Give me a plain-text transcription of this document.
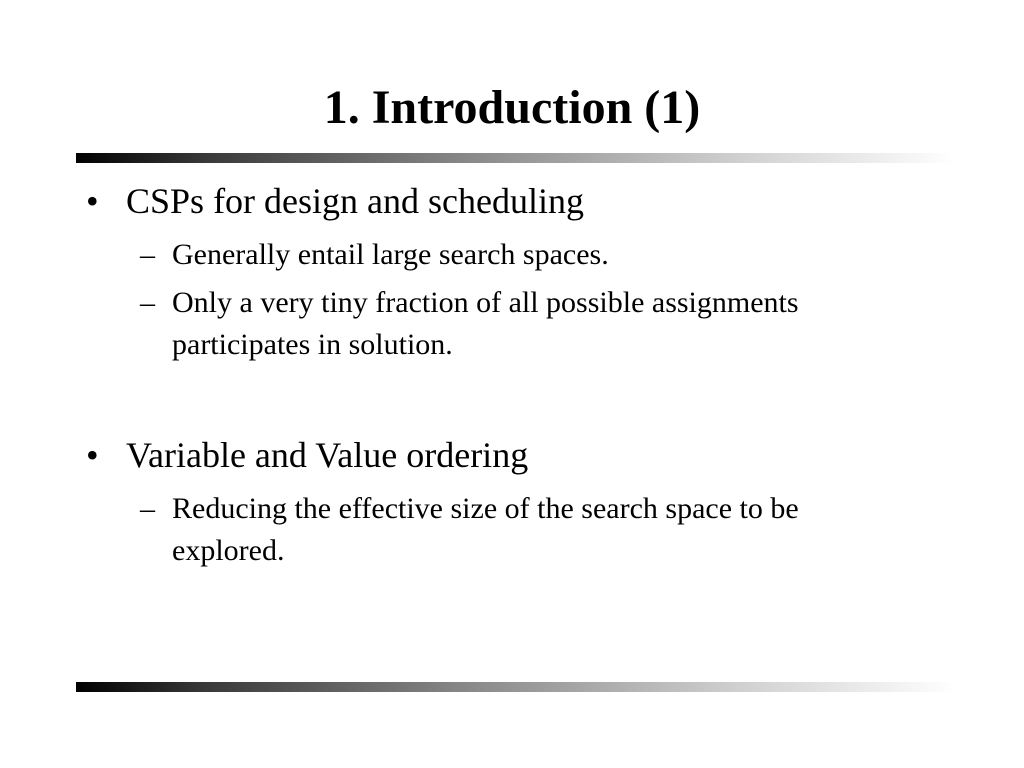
1. Introduction (1)
• CSPs for design and scheduling
– Generally entail large search spaces.
– Only a very tiny fraction of all possible assignments participates in solution.
• Variable and Value ordering
– Reducing the effective size of the search space to be explored.
